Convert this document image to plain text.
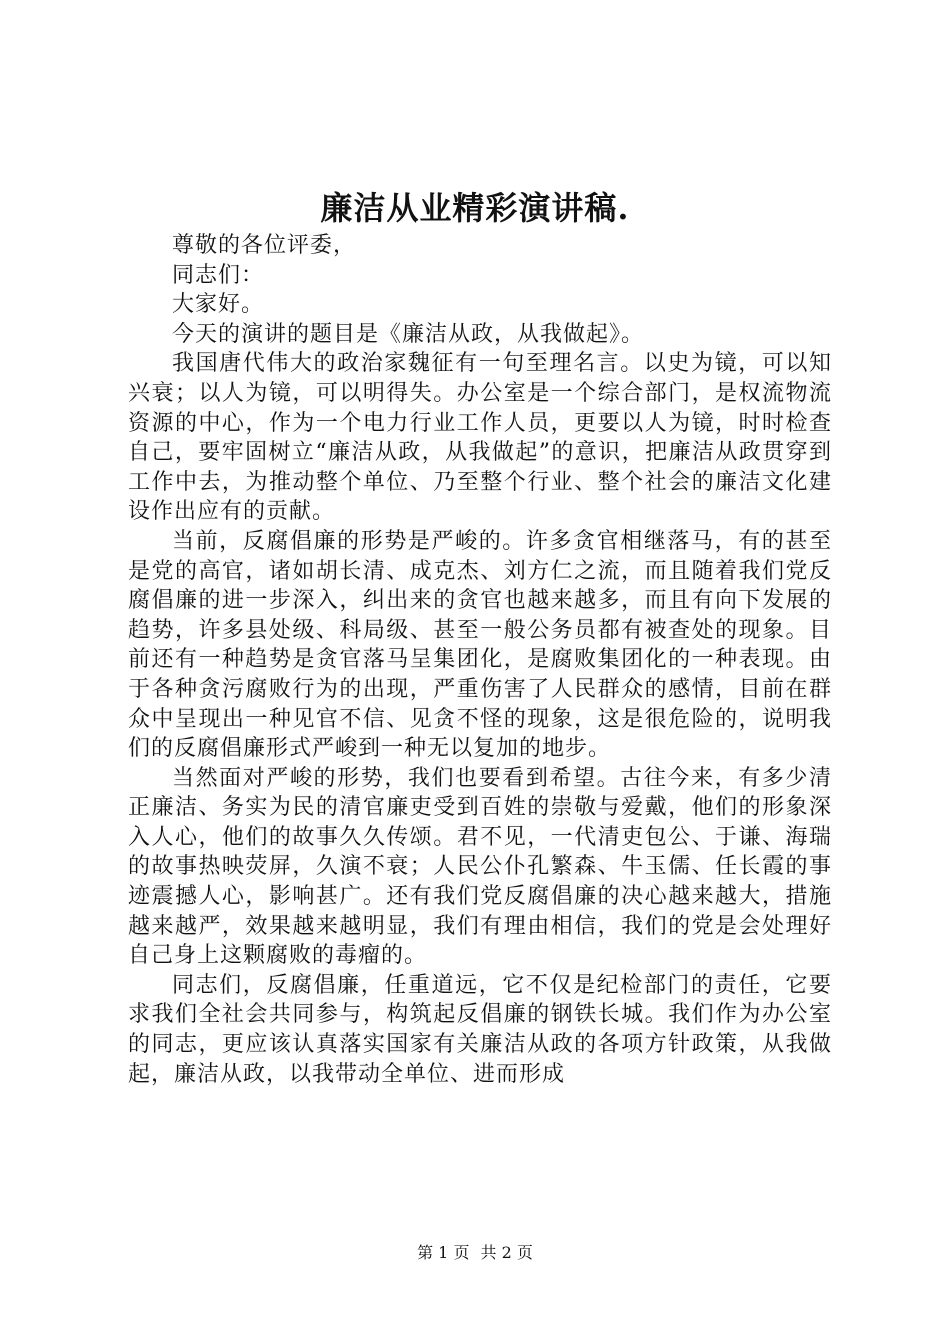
廉洁从业精彩演讲稿.

尊敬的各位评委，

同志们：

大家好。

今天的演讲的题目是《廉洁从政，从我做起》。

我国唐代伟大的政治家魏征有一句至理名言。以史为镜，可以知兴衰；以人为镜，可以明得失。办公室是一个综合部门，是权流物流资源的中心，作为一个电力行业工作人员，更要以人为镜，时时检查自己，要牢固树立“廉洁从政，从我做起”的意识，把廉洁从政贯穿到工作中去，为推动整个单位、乃至整个行业、整个社会的廉洁文化建设作出应有的贡献。

当前，反腐倡廉的形势是严峻的。许多贪官相继落马，有的甚至是党的高官，诸如胡长清、成克杰、刘方仁之流，而且随着我们党反腐倡廉的进一步深入，纠出来的贪官也越来越多，而且有向下发展的趋势，许多县处级、科局级、甚至一般公务员都有被查处的现象。目前还有一种趋势是贪官落马呈集团化，是腐败集团化的一种表现。由于各种贪污腐败行为的出现，严重伤害了人民群众的感情，目前在群众中呈现出一种见官不信、见贪不怪的现象，这是很危险的，说明我们的反腐倡廉形式严峻到一种无以复加的地步。

当然面对严峻的形势，我们也要看到希望。古往今来，有多少清正廉洁、务实为民的清官廉吏受到百姓的崇敬与爱戴，他们的形象深入人心，他们的故事久久传颂。君不见，一代清吏包公、于谦、海瑞的故事热映荧屏，久演不衰；人民公仆孔繁森、牛玉儒、任长霞的事迹震撼人心，影响甚广。还有我们党反腐倡廉的决心越来越大，措施越来越严，效果越来越明显，我们有理由相信，我们的党是会处理好自己身上这颗腐败的毒瘤的。

同志们，反腐倡廉，任重道远，它不仅是纪检部门的责任，它要求我们全社会共同参与，构筑起反倡廉的钢铁长城。我们作为办公室的同志，更应该认真落实国家有关廉洁从政的各项方针政策，从我做起，廉洁从政，以我带动全单位、进而形成

第 1 页 共 2 页
